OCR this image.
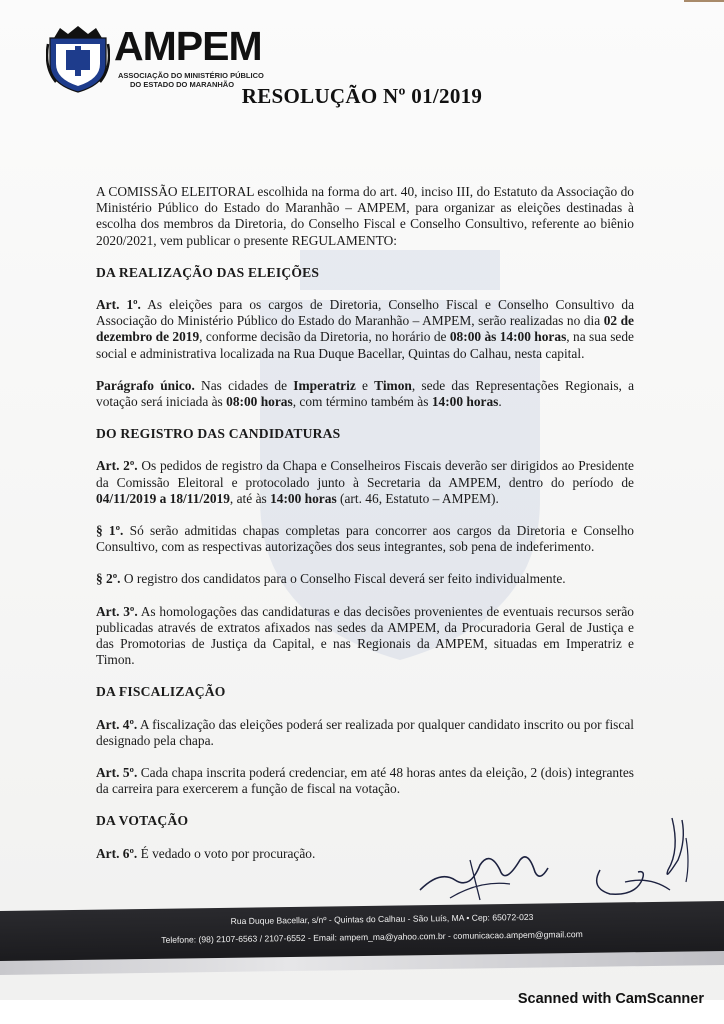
AMPEM
ASSOCIAÇÃO DO MINISTÉRIO PÚBLICO
DO ESTADO DO MARANHÃO RESOLUÇÃO Nº 01/2019

A COMISSÃO ELEITORAL escolhida na forma do art. 40, inciso III, do Estatuto da Associação do Ministério Público do Estado do Maranhão – AMPEM, para organizar as eleições destinadas à escolha dos membros da Diretoria, do Conselho Fiscal e Conselho Consultivo, referente ao biênio 2020/2021, vem publicar o presente REGULAMENTO:

DA REALIZAÇÃO DAS ELEIÇÕES

Art. 1º. As eleições para os cargos de Diretoria, Conselho Fiscal e Conselho Consultivo da Associação do Ministério Público do Estado do Maranhão – AMPEM, serão realizadas no dia 02 de dezembro de 2019, conforme decisão da Diretoria, no horário de 08:00 às 14:00 horas, na sua sede social e administrativa localizada na Rua Duque Bacellar, Quintas do Calhau, nesta capital.

Parágrafo único. Nas cidades de Imperatriz e Timon, sede das Representações Regionais, a votação será iniciada às 08:00 horas, com término também às 14:00 horas.

DO REGISTRO DAS CANDIDATURAS

Art. 2º. Os pedidos de registro da Chapa e Conselheiros Fiscais deverão ser dirigidos ao Presidente da Comissão Eleitoral e protocolado junto à Secretaria da AMPEM, dentro do período de 04/11/2019 a 18/11/2019, até às 14:00 horas (art. 46, Estatuto – AMPEM).

§ 1º. Só serão admitidas chapas completas para concorrer aos cargos da Diretoria e Conselho Consultivo, com as respectivas autorizações dos seus integrantes, sob pena de indeferimento.

§ 2º. O registro dos candidatos para o Conselho Fiscal deverá ser feito individualmente.

Art. 3º. As homologações das candidaturas e das decisões provenientes de eventuais recursos serão publicadas através de extratos afixados nas sedes da AMPEM, da Procuradoria Geral de Justiça e das Promotorias de Justiça da Capital, e nas Regionais da AMPEM, situadas em Imperatriz e Timon.

DA FISCALIZAÇÃO

Art. 4º. A fiscalização das eleições poderá ser realizada por qualquer candidato inscrito ou por fiscal designado pela chapa.

Art. 5º. Cada chapa inscrita poderá credenciar, em até 48 horas antes da eleição, 2 (dois) integrantes da carreira para exercerem a função de fiscal na votação.

DA VOTAÇÃO

Art. 6º. É vedado o voto por procuração.

Rua Duque Bacellar, s/nº - Quintas do Calhau - São Luís, MA • Cep: 65072-023
Telefone: (98) 2107-6563 / 2107-6552 - Email: ampem_ma@yahoo.com.br - comunicacao.ampem@gmail.com
Scanned with CamScanner
